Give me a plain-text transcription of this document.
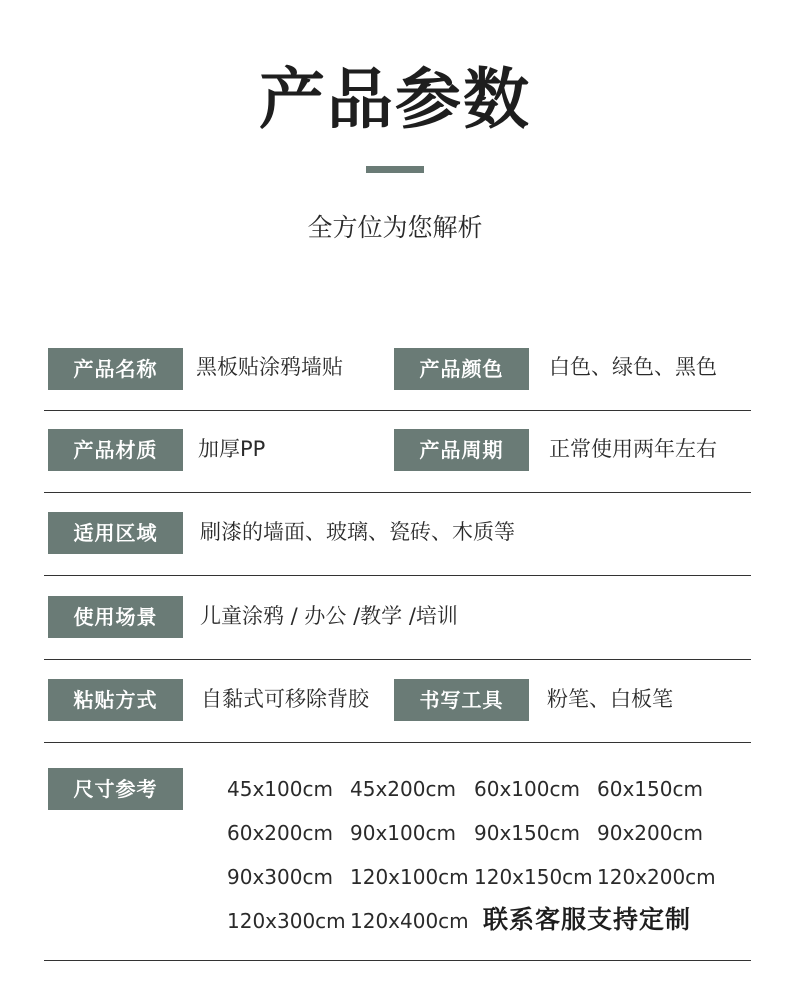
产品参数
全方位为您解析
产品名称	黑板贴涂鸦墙贴	产品颜色	白色、绿色、黑色
产品材质	加厚PP	产品周期	正常使用两年左右
适用区域	刷漆的墙面、玻璃、瓷砖、木质等
使用场景	儿童涂鸦 / 办公 /教学 /培训
粘贴方式	自黏式可移除背胶	书写工具	粉笔、白板笔
尺寸参考	45x100cm 45x200cm 60x100cm 60x150cm
60x200cm 90x100cm 90x150cm 90x200cm
90x300cm 120x100cm 120x150cm 120x200cm
120x300cm 120x400cm 联系客服支持定制
